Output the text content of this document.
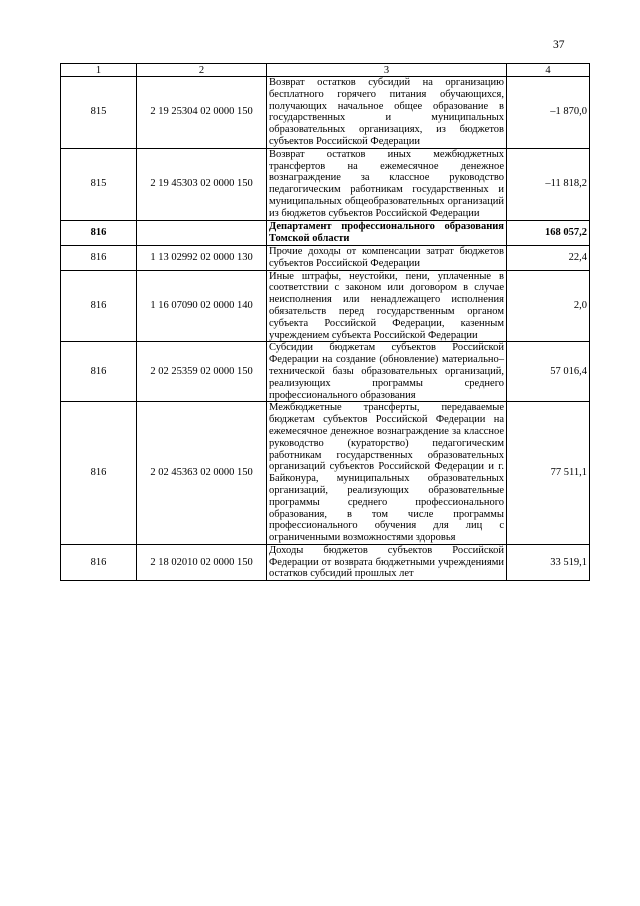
37
1	2	3	4
815	2 19 25304 02 0000 150	Возврат остатков субсидий на организацию бесплатного горячего питания обучающихся, получающих начальное общее образование в государственных и муниципальных образовательных организациях, из бюджетов субъектов Российской Федерации	–1 870,0
815	2 19 45303 02 0000 150	Возврат остатков иных межбюджетных трансфертов на ежемесячное денежное вознаграждение за классное руководство педагогическим работникам государственных и муниципальных общеобразовательных организаций из бюджетов субъектов Российской Федерации	–11 818,2
816		Департамент профессионального образования Томской области	168 057,2
816	1 13 02992 02 0000 130	Прочие доходы от компенсации затрат бюджетов субъектов Российской Федерации	22,4
816	1 16 07090 02 0000 140	Иные штрафы, неустойки, пени, уплаченные в соответствии с законом или договором в случае неисполнения или ненадлежащего исполнения обязательств перед государственным органом субъекта Российской Федерации, казенным учреждением субъекта Российской Федерации	2,0
816	2 02 25359 02 0000 150	Субсидии бюджетам субъектов Российской Федерации на создание (обновление) материально–технической базы образовательных организаций, реализующих программы среднего профессионального образования	57 016,4
816	2 02 45363 02 0000 150	Межбюджетные трансферты, передаваемые бюджетам субъектов Российской Федерации на ежемесячное денежное вознаграждение за классное руководство (кураторство) педагогическим работникам государственных образовательных организаций субъектов Российской Федерации и г. Байконура, муниципальных образовательных организаций, реализующих образовательные программы среднего профессионального образования, в том числе программы профессионального обучения для лиц с ограниченными возможностями здоровья	77 511,1
816	2 18 02010 02 0000 150	Доходы бюджетов субъектов Российской Федерации от возврата бюджетными учреждениями остатков субсидий прошлых лет	33 519,1
